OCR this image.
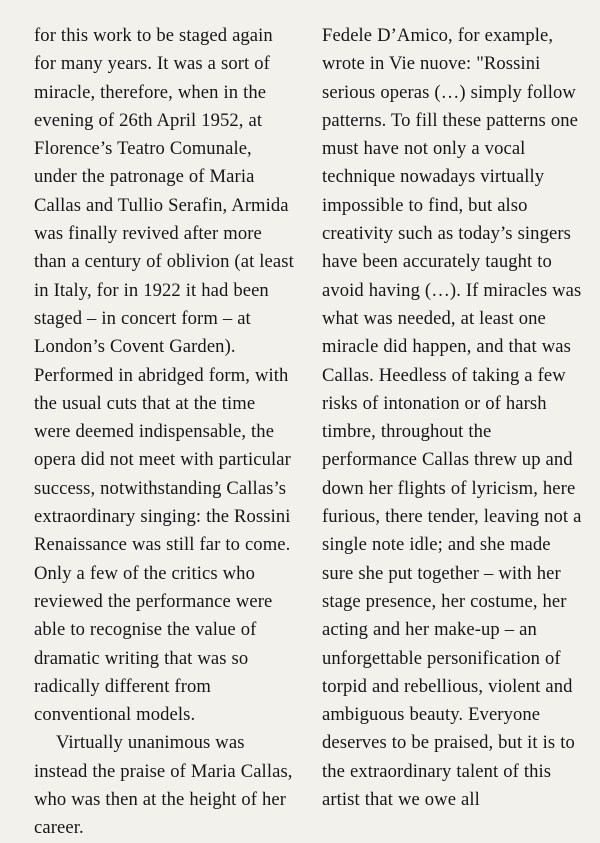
for this work to be staged again for many years. It was a sort of miracle, therefore, when in the evening of 26th April 1952, at Florence’s Teatro Comunale, under the patronage of Maria Callas and Tullio Serafin, Armida was finally revived after more than a century of oblivion (at least in Italy, for in 1922 it had been staged – in concert form – at London’s Covent Garden). Performed in abridged form, with the usual cuts that at the time were deemed indispensable, the opera did not meet with particular success, notwithstanding Callas’s extraordinary singing: the Rossini Renaissance was still far to come. Only a few of the critics who reviewed the performance were able to recognise the value of dramatic writing that was so radically different from conventional models.

Virtually unanimous was instead the praise of Maria Callas, who was then at the height of her career.

Fedele D’Amico, for example, wrote in Vie nuove: "Rossini serious operas (…) simply follow patterns. To fill these patterns one must have not only a vocal technique nowadays virtually impossible to find, but also creativity such as today’s singers have been accurately taught to avoid having (…). If miracles was what was needed, at least one miracle did happen, and that was Callas. Heedless of taking a few risks of intonation or of harsh timbre, throughout the performance Callas threw up and down her flights of lyricism, here furious, there tender, leaving not a single note idle; and she made sure she put together – with her stage presence, her costume, her acting and her make-up – an unforgettable personification of torpid and rebellious, violent and ambiguous beauty. Everyone deserves to be praised, but it is to the extraordinary talent of this artist that we owe all
